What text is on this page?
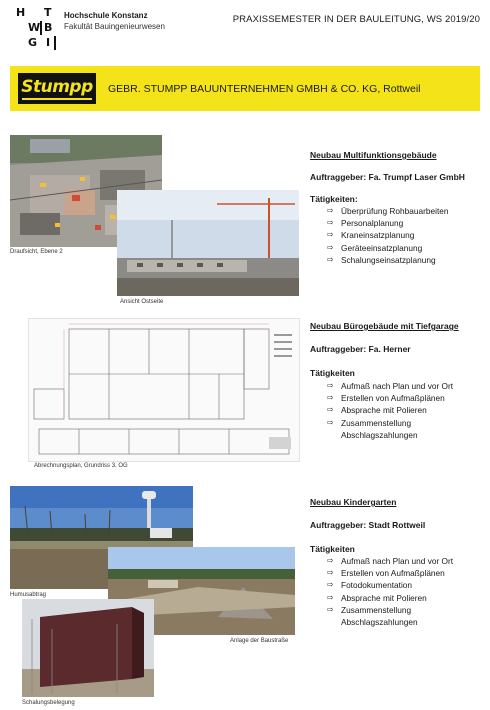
H T
W B
G I
Hochschule Konstanz
Fakultät Bauingenieurwesen
PRAXISSEMESTER IN DER BAULEITUNG, WS 2019/20
Stumpp	GEBR. STUMPP BAUUNTERNEHMEN GMBH & CO. KG, Rottweil
Draufsicht, Ebene 2
Ansicht Ostseite
Neubau Multifunktionsgebäude
Auftraggeber: Fa. Trumpf Laser GmbH
Tätigkeiten:
⇨ Überprüfung Rohbauarbeiten
⇨ Personalplanung
⇨ Kraneinsatzplanung
⇨ Geräteeinsatzplanung
⇨ Schalungseinsatzplanung
Abrechnungsplan, Grundriss 3. OG
Neubau Bürogebäude mit Tiefgarage
Auftraggeber: Fa. Herner
Tätigkeiten
⇨ Aufmaß nach Plan und vor Ort
⇨ Erstellen von Aufmaßplänen
⇨ Absprache mit Polieren
⇨ Zusammenstellung Abschlagszahlungen
Humusabtrag
Anlage der Baustraße
Schalungsbelegung
Neubau Kindergarten
Auftraggeber: Stadt Rottweil
Tätigkeiten
⇨ Aufmaß nach Plan und vor Ort
⇨ Erstellen von Aufmaßplänen
⇨ Fotodokumentation
⇨ Absprache mit Polieren
⇨ Zusammenstellung Abschlagszahlungen
